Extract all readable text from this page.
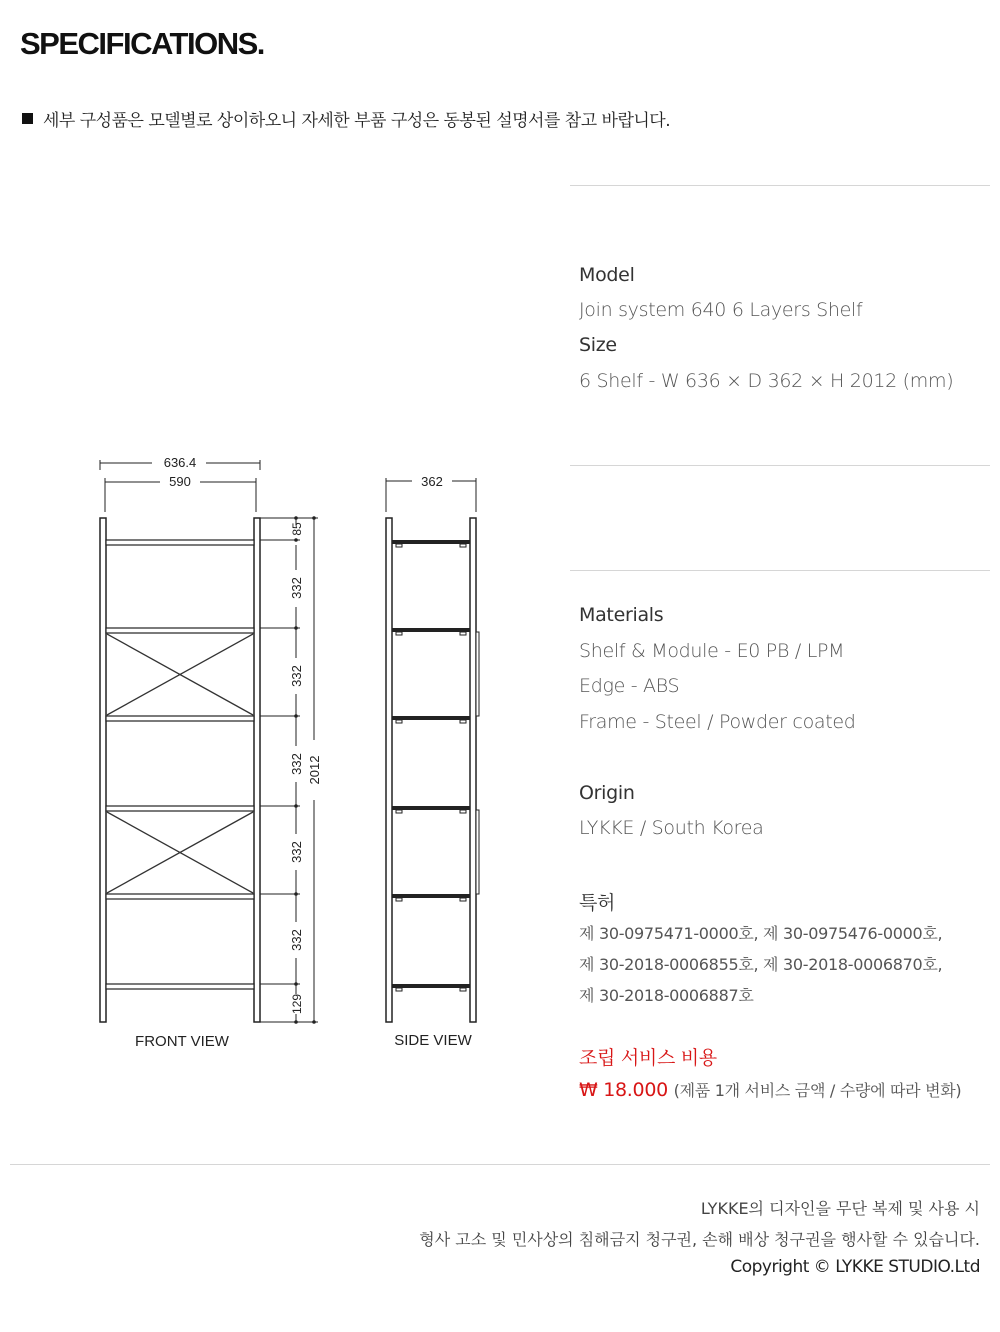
SPECIFICATIONS.
세부 구성품은 모델별로 상이하오니 자세한 부품 구성은 동봉된 설명서를 참고 바랍니다.
Model
Join system 640 6 Layers Shelf
Size
6 Shelf - W 636 × D 362 × H 2012 (mm)
Materials
Shelf & Module - E0 PB / LPM
Edge - ABS
Frame - Steel / Powder coated
Origin
LYKKE / South Korea
특허
제 30-0975471-0000호, 제 30-0975476-0000호,
제 30-2018-0006855호, 제 30-2018-0006870호,
제 30-2018-0006887호
조립 서비스 비용
₩ 18.000 (제품 1개 서비스 금액 / 수량에 따라 변화)
636.4
590
85
332
332
332
332
332
129
2012
FRONT VIEW
362
SIDE VIEW
LYKKE의 디자인을 무단 복제 및 사용 시
형사 고소 및 민사상의 침해금지 청구권, 손해 배상 청구권을 행사할 수 있습니다.
Copyright © LYKKE STUDIO.Ltd
